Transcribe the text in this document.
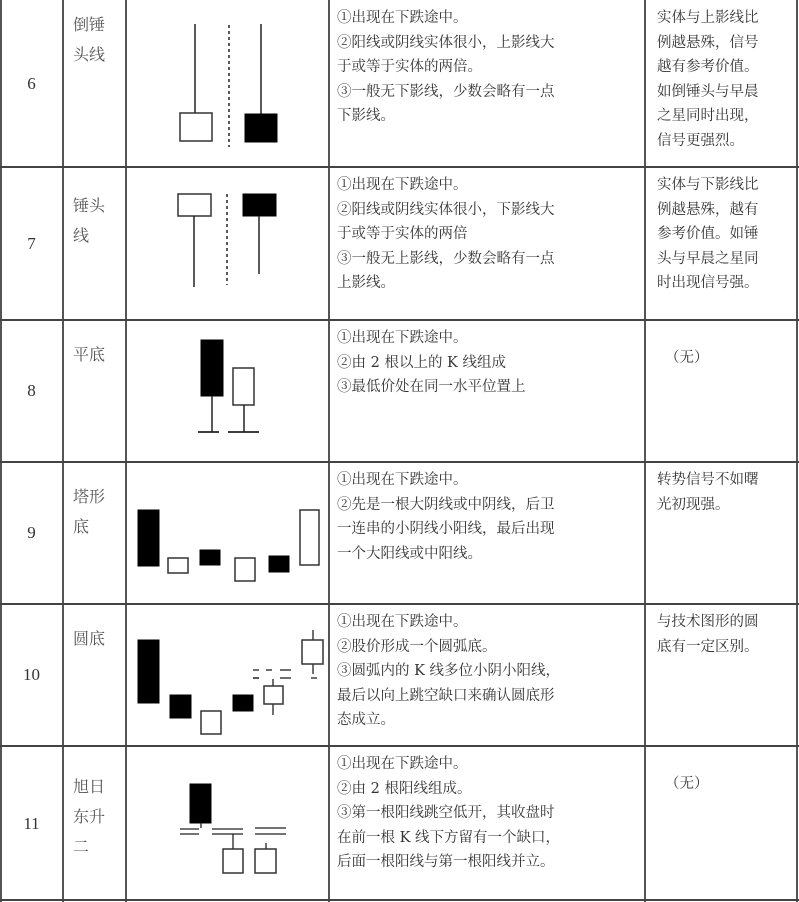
6
倒锤
头线
①出现在下跌途中。
②阳线或阴线实体很小，上影线大
于或等于实体的两倍。
③一般无下影线，少数会略有一点
下影线。
实体与上影线比
例越悬殊，信号
越有参考价值。
如倒锤头与早晨
之星同时出现，
信号更强烈。
7
锤头
线
①出现在下跌途中。
②阳线或阴线实体很小，下影线大
于或等于实体的两倍
③一般无上影线，少数会略有一点
上影线。
实体与下影线比
例越悬殊，越有
参考价值。如锤
头与早晨之星同
时出现信号强。
8
平底
①出现在下跌途中。
②由 2 根以上的 K 线组成
③最低价处在同一水平位置上
（无）
9
塔形
底
①出现在下跌途中。
②先是一根大阴线或中阴线，后卫
一连串的小阴线小阳线，最后出现
一个大阳线或中阳线。
转势信号不如曙
光初现强。
10
圆底
①出现在下跌途中。
②股价形成一个圆弧底。
③圆弧内的 K 线多位小阴小阳线，
最后以向上跳空缺口来确认圆底形
态成立。
与技术图形的圆
底有一定区别。
11
旭日
东升
二
①出现在下跌途中。
②由 2 根阳线组成。
③第一根阳线跳空低开，其收盘时
在前一根 K 线下方留有一个缺口，
后面一根阳线与第一根阳线并立。
（无）
